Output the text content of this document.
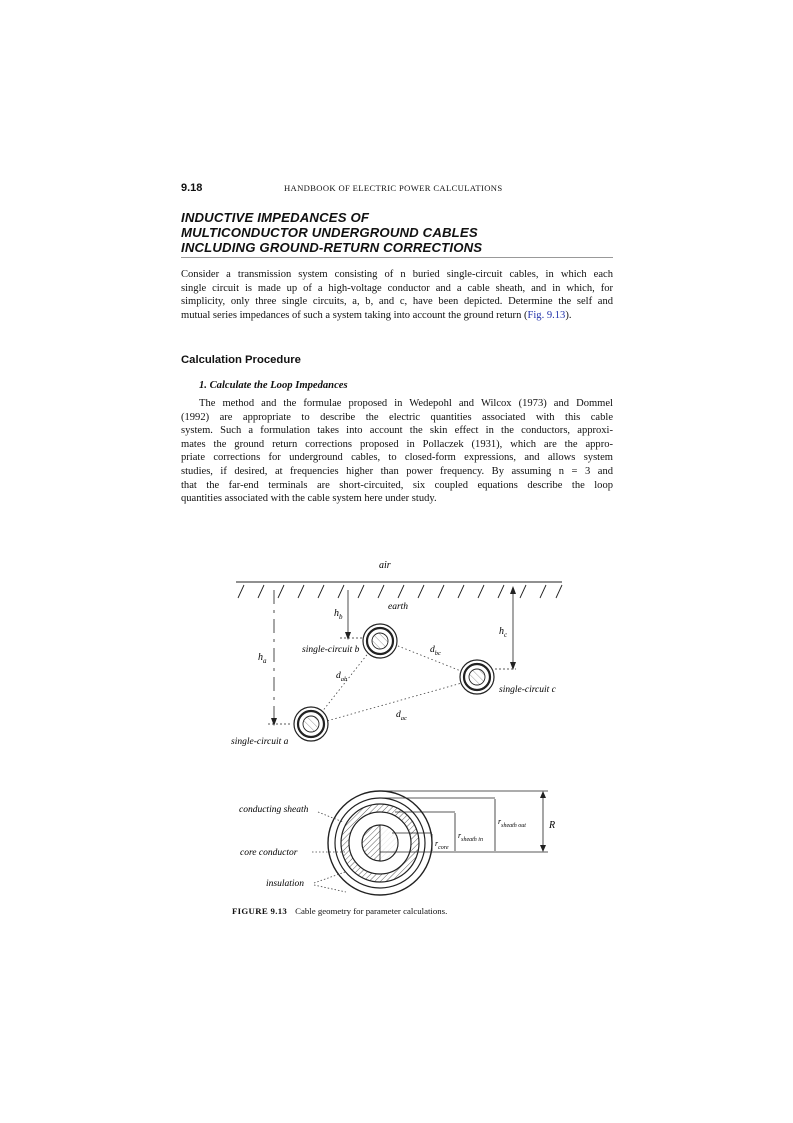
9.18	HANDBOOK OF ELECTRIC POWER CALCULATIONS
INDUCTIVE IMPEDANCES OF
MULTICONDUCTOR UNDERGROUND CABLES
INCLUDING GROUND-RETURN CORRECTIONS
Consider a transmission system consisting of n buried single-circuit cables, in which each
single circuit is made up of a high-voltage conductor and a cable sheath, and in which, for
simplicity, only three single circuits, a, b, and c, have been depicted. Determine the self and
mutual series impedances of such a system taking into account the ground return (Fig. 9.13).
Calculation Procedure
1. Calculate the Loop Impedances
The method and the formulae proposed in Wedepohl and Wilcox (1973) and Dommel
(1992) are appropriate to describe the electric quantities associated with this cable
system. Such a formulation takes into account the skin effect in the conductors, approxi-
mates the ground return corrections proposed in Pollaczek (1931), which are the appro-
priate corrections for underground cables, to closed-form expressions, and allows system
studies, if desired, at frequencies higher than power frequency. By assuming n = 3 and
that the far-end terminals are short-circuited, six coupled equations describe the loop
quantities associated with the cable system here under study.
air
earth
$h_a$
$h_b$
$h_c$
$d_{ab}$
$d_{bc}$
$d_{ac}$
single-circuit b
single-circuit c
single-circuit a
R
$r_{sheath out}$
$r_{sheath in}$
$r_{core}$
conducting sheath
core conductor
insulation
FIGURE 9.13 Cable geometry for parameter calculations.
